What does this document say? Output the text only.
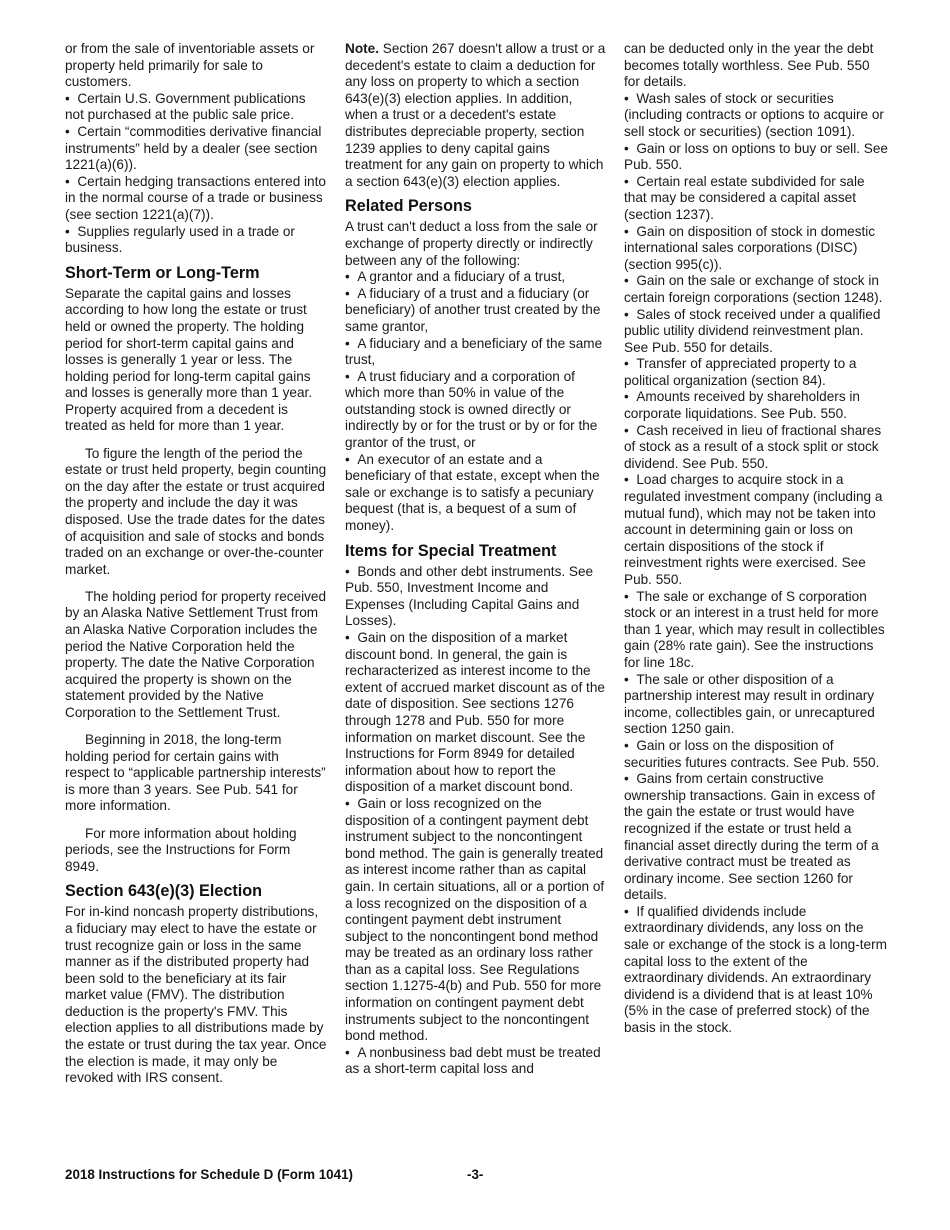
or from the sale of inventoriable assets or property held primarily for sale to customers.

•  Certain U.S. Government publications not purchased at the public sale price.

•  Certain “commodities derivative financial instruments” held by a dealer (see section 1221(a)(6)).

•  Certain hedging transactions entered into in the normal course of a trade or business (see section 1221(a)(7)).

•  Supplies regularly used in a trade or business.

Short-Term or Long-Term

Separate the capital gains and losses according to how long the estate or trust held or owned the property. The holding period for short-term capital gains and losses is generally 1 year or less. The holding period for long-term capital gains and losses is generally more than 1 year. Property acquired from a decedent is treated as held for more than 1 year.

To figure the length of the period the estate or trust held property, begin counting on the day after the estate or trust acquired the property and include the day it was disposed. Use the trade dates for the dates of acquisition and sale of stocks and bonds traded on an exchange or over-the-counter market.

The holding period for property received by an Alaska Native Settlement Trust from an Alaska Native Corporation includes the period the Native Corporation held the property. The date the Native Corporation acquired the property is shown on the statement provided by the Native Corporation to the Settlement Trust.

Beginning in 2018, the long-term holding period for certain gains with respect to “applicable partnership interests” is more than 3 years. See Pub. 541 for more information.

For more information about holding periods, see the Instructions for Form 8949.

Section 643(e)(3) Election

For in-kind noncash property distributions, a fiduciary may elect to have the estate or trust recognize gain or loss in the same manner as if the distributed property had been sold to the beneficiary at its fair market value (FMV). The distribution deduction is the property's FMV. This election applies to all distributions made by the estate or trust during the tax year. Once the election is made, it may only be revoked with IRS consent.

Note. Section 267 doesn't allow a trust or a decedent's estate to claim a deduction for any loss on property to which a section 643(e)(3) election applies. In addition, when a trust or a decedent's estate distributes depreciable property, section 1239 applies to deny capital gains treatment for any gain on property to which a section 643(e)(3) election applies.

Related Persons

A trust can't deduct a loss from the sale or exchange of property directly or indirectly between any of the following:

•  A grantor and a fiduciary of a trust,

•  A fiduciary of a trust and a fiduciary (or beneficiary) of another trust created by the same grantor,

•  A fiduciary and a beneficiary of the same trust,

•  A trust fiduciary and a corporation of which more than 50% in value of the outstanding stock is owned directly or indirectly by or for the trust or by or for the grantor of the trust, or

•  An executor of an estate and a beneficiary of that estate, except when the sale or exchange is to satisfy a pecuniary bequest (that is, a bequest of a sum of money).

Items for Special Treatment

•  Bonds and other debt instruments. See Pub. 550, Investment Income and Expenses (Including Capital Gains and Losses).

•  Gain on the disposition of a market discount bond. In general, the gain is recharacterized as interest income to the extent of accrued market discount as of the date of disposition. See sections 1276 through 1278 and Pub. 550 for more information on market discount. See the Instructions for Form 8949 for detailed information about how to report the disposition of a market discount bond.

•  Gain or loss recognized on the disposition of a contingent payment debt instrument subject to the noncontingent bond method. The gain is generally treated as interest income rather than as capital gain. In certain situations, all or a portion of a loss recognized on the disposition of a contingent payment debt instrument subject to the noncontingent bond method may be treated as an ordinary loss rather than as a capital loss. See Regulations section 1.1275-4(b) and Pub. 550 for more information on contingent payment debt instruments subject to the noncontingent bond method.

•  A nonbusiness bad debt must be treated as a short-term capital loss and

can be deducted only in the year the debt becomes totally worthless. See Pub. 550 for details.

•  Wash sales of stock or securities (including contracts or options to acquire or sell stock or securities) (section 1091).

•  Gain or loss on options to buy or sell. See Pub. 550.

•  Certain real estate subdivided for sale that may be considered a capital asset (section 1237).

•  Gain on disposition of stock in domestic international sales corporations (DISC) (section 995(c)).

•  Gain on the sale or exchange of stock in certain foreign corporations (section 1248).

•  Sales of stock received under a qualified public utility dividend reinvestment plan. See Pub. 550 for details.

•  Transfer of appreciated property to a political organization (section 84).

•  Amounts received by shareholders in corporate liquidations. See Pub. 550.

•  Cash received in lieu of fractional shares of stock as a result of a stock split or stock dividend. See Pub. 550.

•  Load charges to acquire stock in a regulated investment company (including a mutual fund), which may not be taken into account in determining gain or loss on certain dispositions of the stock if reinvestment rights were exercised. See Pub. 550.

•  The sale or exchange of S corporation stock or an interest in a trust held for more than 1 year, which may result in collectibles gain (28% rate gain). See the instructions for line 18c.

•  The sale or other disposition of a partnership interest may result in ordinary income, collectibles gain, or unrecaptured section 1250 gain.

•  Gain or loss on the disposition of securities futures contracts. See Pub. 550.

•  Gains from certain constructive ownership transactions. Gain in excess of the gain the estate or trust would have recognized if the estate or trust held a financial asset directly during the term of a derivative contract must be treated as ordinary income. See section 1260 for details.

•  If qualified dividends include extraordinary dividends, any loss on the sale or exchange of the stock is a long-term capital loss to the extent of the extraordinary dividends. An extraordinary dividend is a dividend that is at least 10% (5% in the case of preferred stock) of the basis in the stock.

2018 Instructions for Schedule D (Form 1041)	-3-
